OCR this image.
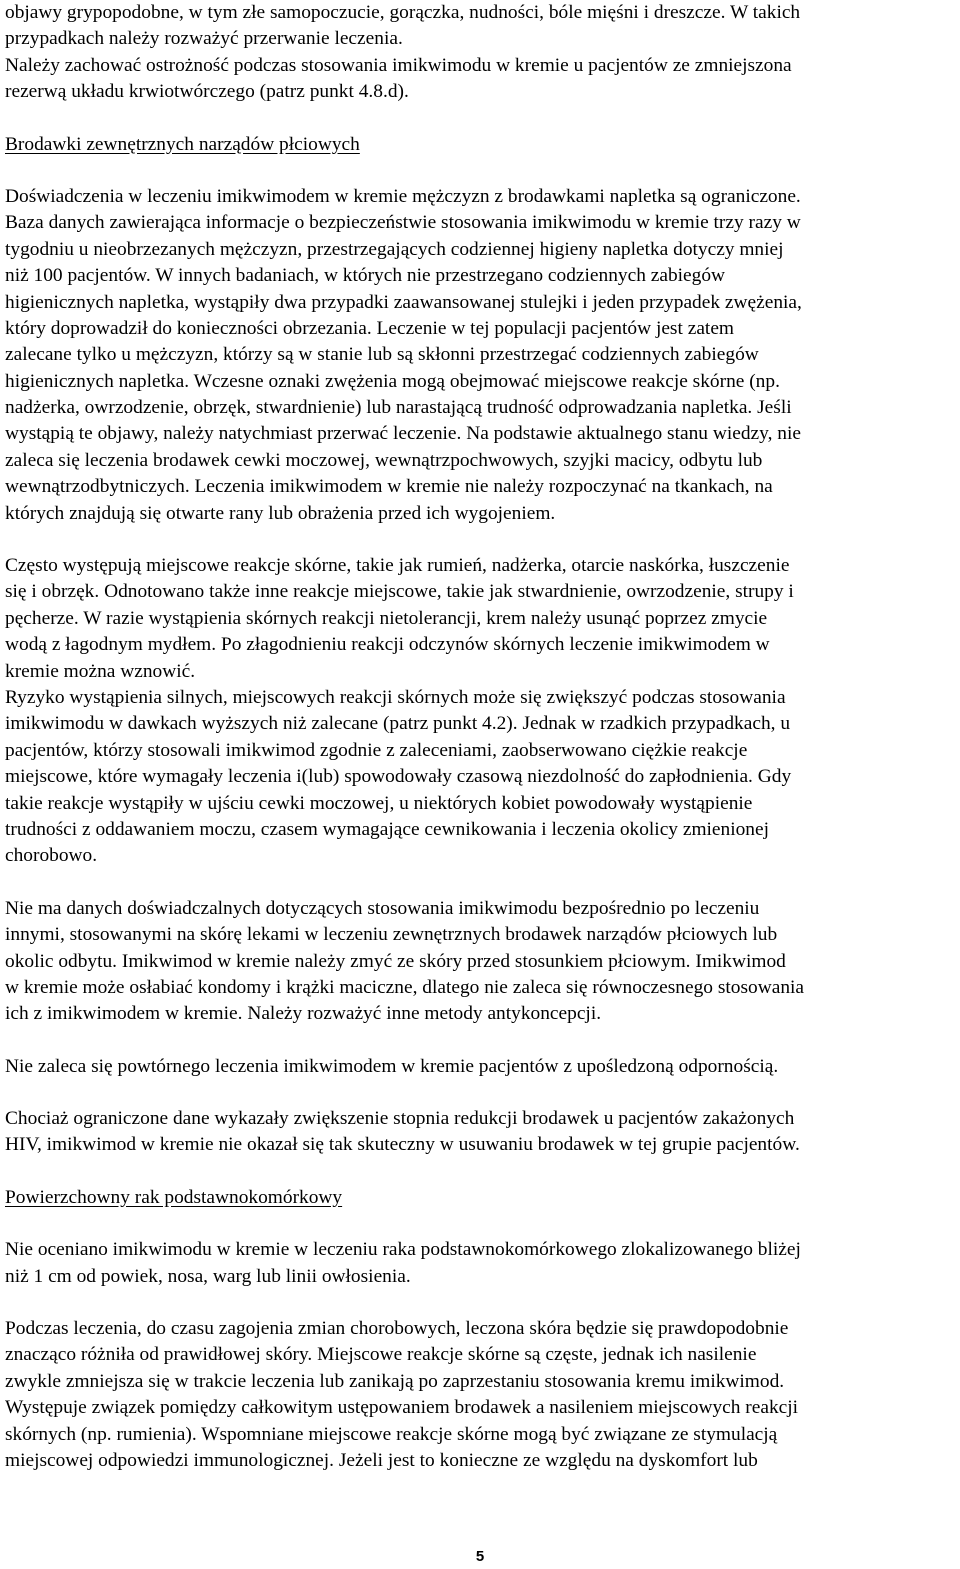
objawy grypopodobne, w tym złe samopoczucie, gorączka, nudności, bóle mięśni i dreszcze. W takich
przypadkach należy rozważyć przerwanie leczenia.
Należy zachować ostrożność podczas stosowania imikwimodu w kremie u pacjentów ze zmniejszona
rezerwą układu krwiotwórczego (patrz punkt 4.8.d).
Brodawki zewnętrznych narządów płciowych
Doświadczenia w leczeniu imikwimodem w kremie mężczyzn z brodawkami napletka są ograniczone.
Baza danych zawierająca informacje o bezpieczeństwie stosowania imikwimodu w kremie trzy razy w
tygodniu u nieobrzezanych mężczyzn, przestrzegających codziennej higieny napletka dotyczy mniej
niż 100 pacjentów. W innych badaniach, w których nie przestrzegano codziennych zabiegów
higienicznych napletka, wystąpiły dwa przypadki zaawansowanej stulejki i jeden przypadek zwężenia,
który doprowadził do konieczności obrzezania. Leczenie w tej populacji pacjentów jest zatem
zalecane tylko u mężczyzn, którzy są w stanie lub są skłonni przestrzegać codziennych zabiegów
higienicznych napletka. Wczesne oznaki zwężenia mogą obejmować miejscowe reakcje skórne (np.
nadżerka, owrzodzenie, obrzęk, stwardnienie) lub narastającą trudność odprowadzania napletka. Jeśli
wystąpią te objawy, należy natychmiast przerwać leczenie. Na podstawie aktualnego stanu wiedzy, nie
zaleca się leczenia brodawek cewki moczowej, wewnątrzpochwowych, szyjki macicy, odbytu lub
wewnątrzodbytniczych. Leczenia imikwimodem w kremie nie należy rozpoczynać na tkankach, na
których znajdują się otwarte rany lub obrażenia przed ich wygojeniem.
Często występują miejscowe reakcje skórne, takie jak rumień, nadżerka, otarcie naskórka, łuszczenie
się i obrzęk. Odnotowano także inne reakcje miejscowe, takie jak stwardnienie, owrzodzenie, strupy i
pęcherze. W razie wystąpienia skórnych reakcji nietolerancji, krem należy usunąć poprzez zmycie
wodą z łagodnym mydłem. Po złagodnieniu reakcji odczynów skórnych leczenie imikwimodem w
kremie można wznowić.
Ryzyko wystąpienia silnych, miejscowych reakcji skórnych może się zwiększyć podczas stosowania
imikwimodu w dawkach wyższych niż zalecane (patrz punkt 4.2). Jednak w rzadkich przypadkach, u
pacjentów, którzy stosowali imikwimod zgodnie z zaleceniami, zaobserwowano ciężkie reakcje
miejscowe, które wymagały leczenia i(lub) spowodowały czasową niezdolność do zapłodnienia. Gdy
takie reakcje wystąpiły w ujściu cewki moczowej, u niektórych kobiet powodowały wystąpienie
trudności z oddawaniem moczu, czasem wymagające cewnikowania i leczenia okolicy zmienionej
chorobowo.
Nie ma danych doświadczalnych dotyczących stosowania imikwimodu bezpośrednio po leczeniu
innymi, stosowanymi na skórę lekami w leczeniu zewnętrznych brodawek narządów płciowych lub
okolic odbytu. Imikwimod w kremie należy zmyć ze skóry przed stosunkiem płciowym. Imikwimod
w kremie może osłabiać kondomy i krążki maciczne, dlatego nie zaleca się równoczesnego stosowania
ich z imikwimodem w kremie. Należy rozważyć inne metody antykoncepcji.
Nie zaleca się powtórnego leczenia imikwimodem w kremie pacjentów z upośledzoną odpornością.
Chociaż ograniczone dane wykazały zwiększenie stopnia redukcji brodawek u pacjentów zakażonych
HIV, imikwimod w kremie nie okazał się tak skuteczny w usuwaniu brodawek w tej grupie pacjentów.
Powierzchowny rak podstawnokomórkowy
Nie oceniano imikwimodu w kremie w leczeniu raka podstawnokomórkowego zlokalizowanego bliżej
niż 1 cm od powiek, nosa, warg lub linii owłosienia.
Podczas leczenia, do czasu zagojenia zmian chorobowych, leczona skóra będzie się prawdopodobnie
znacząco różniła od prawidłowej skóry. Miejscowe reakcje skórne są częste, jednak ich nasilenie
zwykle zmniejsza się w trakcie leczenia lub zanikają po zaprzestaniu stosowania kremu imikwimod.
Występuje związek pomiędzy całkowitym ustępowaniem brodawek a nasileniem miejscowych reakcji
skórnych (np. rumienia). Wspomniane miejscowe reakcje skórne mogą być związane ze stymulacją
miejscowej odpowiedzi immunologicznej. Jeżeli jest to konieczne ze względu na dyskomfort lub
5
